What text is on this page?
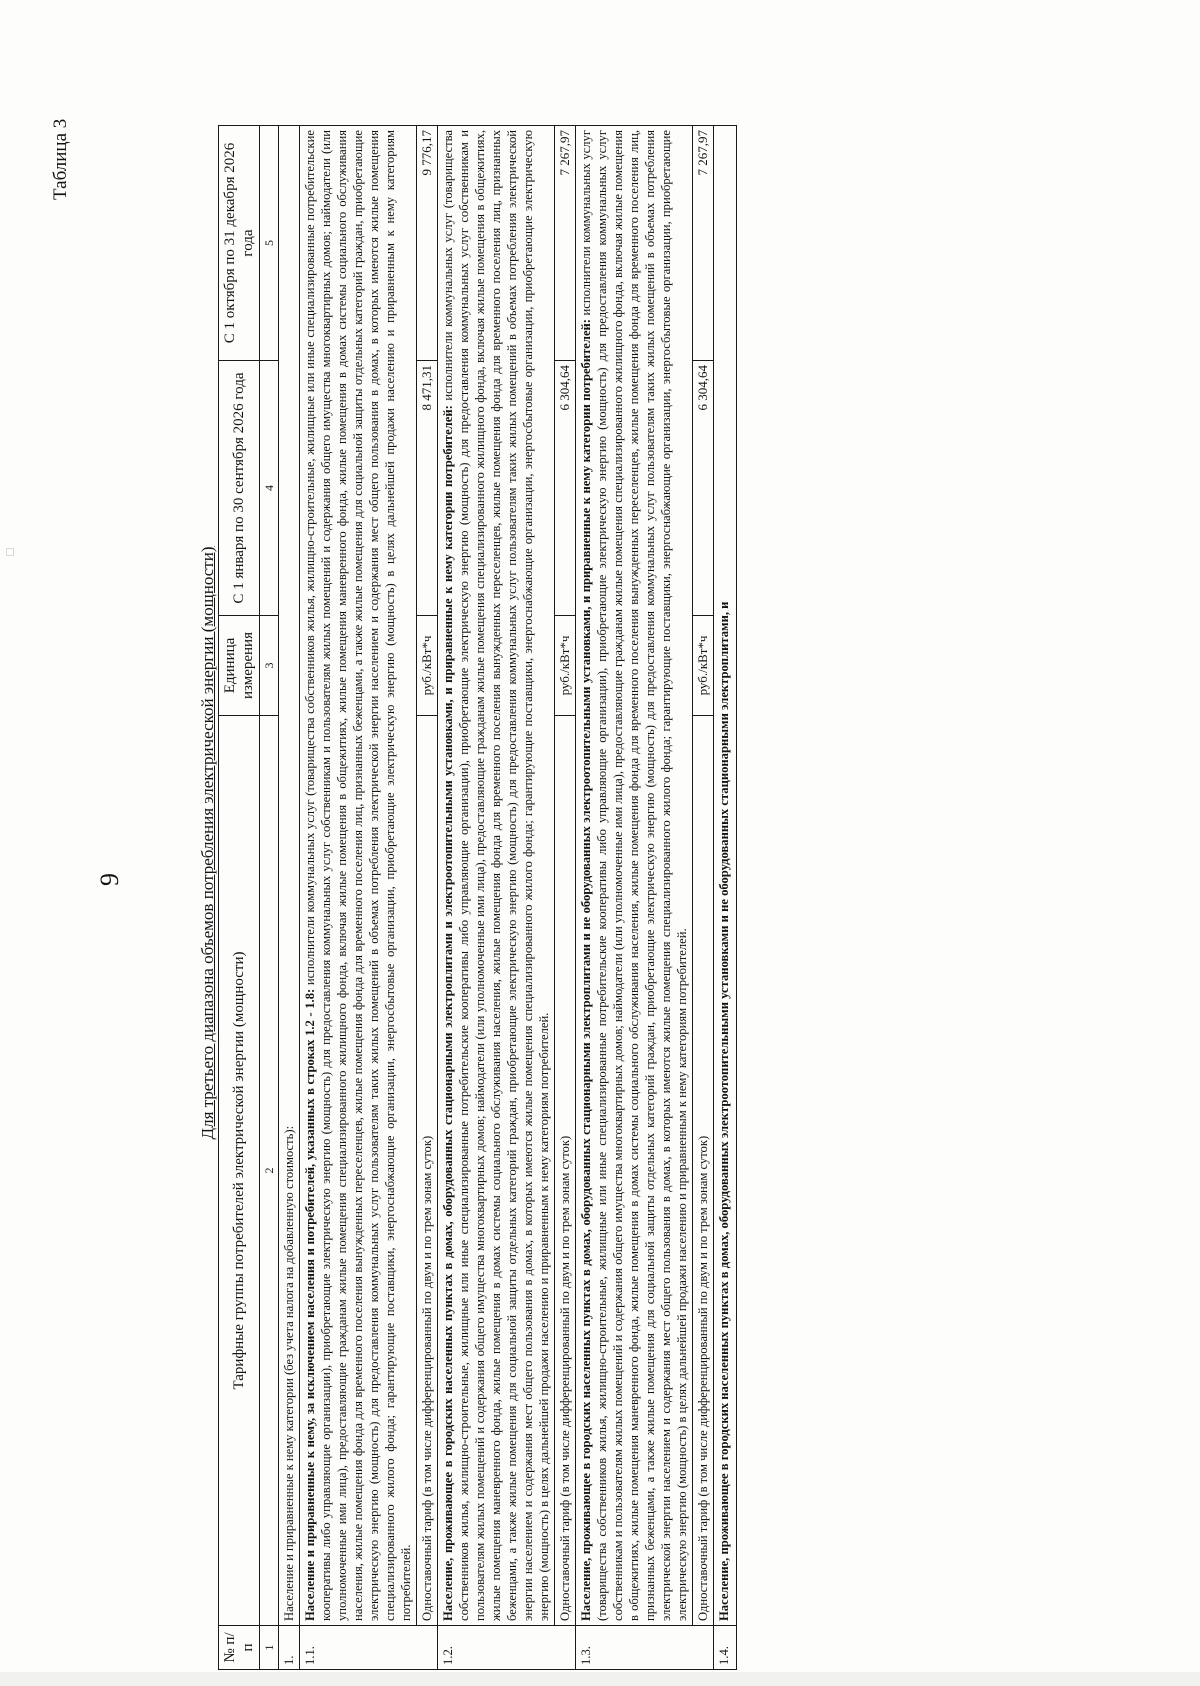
9
Таблица 3
Для третьего диапазона объемов потребления электрической энергии (мощности)
№ п/п	Тарифные группы потребителей электрической энергии (мощности)	Единица измерения	С 1 января по 30 сентября 2026 года	С 1 октября по 31 декабря 2026 года
1	2	3	4	5
1.	Население и приравненные к нему категории (без учета налога на добавленную стоимость):			
1.1.	Население и приравненные к нему, за исключением населения и потребителей, указанных в строках 1.2 - 1.8: исполнители коммунальных услуг (товарищества собственников жилья, жилищно-строительные, жилищные или иные специализированные потребительские кооперативы либо управляющие организации), приобретающие электрическую энергию (мощность) для предоставления коммунальных услуг собственникам и пользователям жилых помещений и содержания общего имущества многоквартирных домов; наймодатели (или уполномоченные ими лица), предоставляющие гражданам жилые помещения специализированного жилищного фонда, включая жилые помещения в общежитиях, жилые помещения маневренного фонда, жилые помещения в домах системы социального обслуживания населения, жилые помещения фонда для временного поселения вынужденных переселенцев, жилые помещения фонда для временного поселения лиц, признанных беженцами, а также жилые помещения для социальной защиты отдельных категорий граждан, приобретающие электрическую энергию (мощность) для предоставления коммунальных услуг пользователям таких жилых помещений в объемах потребления электрической энергии населением и содержания мест общего пользования в домах, в которых имеются жилые помещения специализированного жилого фонда; гарантирующие поставщики, энергоснабжающие организации, энергосбытовые организации, приобретающие электрическую энергию (мощность) в целях дальнейшей продажи населению и приравненным к нему категориям потребителей.			
	Одноставочный тариф (в том числе дифференцированный по двум и по трем зонам суток)	руб./кВт*ч	8 471,31	9 776,17
1.2.	Население, проживающее в городских населенных пунктах в домах, оборудованных стационарными электроплитами и электроотопительными установками, и приравненные к нему категории потребителей: исполнители коммунальных услуг (товарищества собственников жилья, жилищно-строительные, жилищные или иные специализированные потребительские кооперативы либо управляющие организации), приобретающие электрическую энергию (мощность) для предоставления коммунальных услуг собственникам и пользователям жилых помещений и содержания общего имущества многоквартирных домов; наймодатели (или уполномоченные ими лица), предоставляющие гражданам жилые помещения специализированного жилищного фонда, включая жилые помещения в общежитиях, жилые помещения маневренного фонда, жилые помещения в домах системы социального обслуживания населения, жилые помещения фонда для временного поселения вынужденных переселенцев, жилые помещения фонда для временного поселения лиц, признанных беженцами, а также жилые помещения для социальной защиты отдельных категорий граждан, приобретающие электрическую энергию (мощность) для предоставления коммунальных услуг пользователям таких жилых помещений в объемах потребления электрической энергии населением и содержания мест общего пользования в домах, в которых имеются жилые помещения специализированного жилого фонда; гарантирующие поставщики, энергоснабжающие организации, энергосбытовые организации, приобретающие электрическую энергию (мощность) в целях дальнейшей продажи населению и приравненным к нему категориям потребителей.			
	Одноставочный тариф (в том числе дифференцированный по двум и по трем зонам суток)	руб./кВт*ч	6 304,64	7 267,97
1.3.	Население, проживающее в городских населенных пунктах в домах, оборудованных стационарными электроплитами и не оборудованных электроотопительными установками, и приравненные к нему категории потребителей: исполнители коммунальных услуг (товарищества собственников жилья, жилищно-строительные, жилищные или иные специализированные потребительские кооперативы либо управляющие организации), приобретающие электрическую энергию (мощность) для предоставления коммунальных услуг собственникам и пользователям жилых помещений и содержания общего имущества многоквартирных домов; наймодатели (или уполномоченные ими лица), предоставляющие гражданам жилые помещения специализированного жилищного фонда, включая жилые помещения в общежитиях, жилые помещения маневренного фонда, жилые помещения в домах системы социального обслуживания населения, жилые помещения фонда для временного поселения вынужденных переселенцев, жилые помещения фонда для временного поселения лиц, признанных беженцами, а также жилые помещения для социальной защиты отдельных категорий граждан, приобретающие электрическую энергию (мощность) для предоставления коммунальных услуг пользователям таких жилых помещений в объемах потребления электрической энергии населением и содержания мест общего пользования в домах, в которых имеются жилые помещения специализированного жилого фонда; гарантирующие поставщики, энергоснабжающие организации, энергосбытовые организации, приобретающие электрическую энергию (мощность) в целях дальнейшей продажи населению и приравненным к нему категориям потребителей.			
	Одноставочный тариф (в том числе дифференцированный по двум и по трем зонам суток)	руб./кВт*ч	6 304,64	7 267,97
1.4.	Население, проживающее в городских населенных пунктах в домах, оборудованных электроотопительными установками и не оборудованных стационарными электроплитами, и			
